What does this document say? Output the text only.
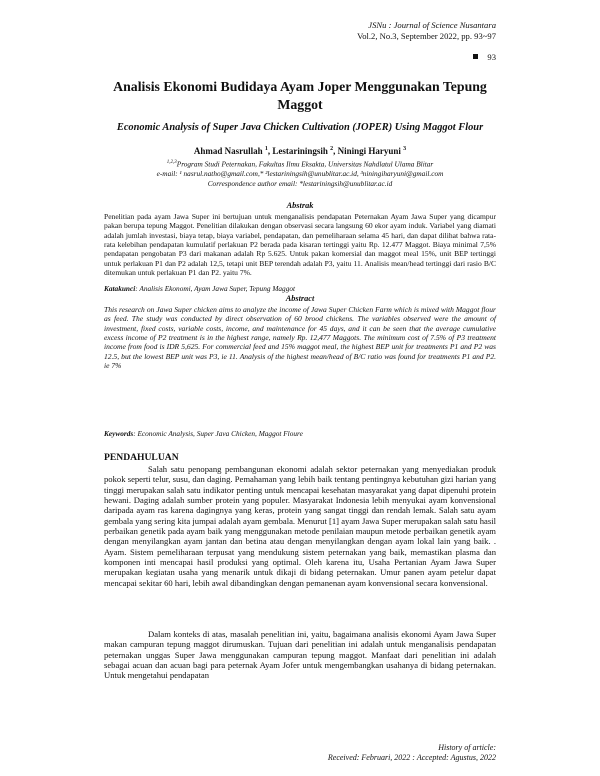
JSNu : Journal of Science Nusantara
Vol.2, No.3, September 2022, pp. 93~97
93
Analisis Ekonomi Budidaya Ayam Joper Menggunakan Tepung Maggot
Economic Analysis of Super Java Chicken Cultivation (JOPER) Using Maggot Flour
Ahmad Nasrullah $^1$, Lestariningsih $^2$, Niningi Haryuni $^3$
$^{1,2,3}$Program Studi Peternakan, Fakultas Ilmu Eksakta, Universitas Nahdlatul Ulama Blitar
e-mail: ¹ nasrul.natho@gmail.com,* ²lestariningsih@unublitar.ac.id, ³niningiharyuni@gmail.com
Correspondence author email: *lestariningsih@unublitar.ac.id
Abstrak
Penelitian pada ayam Jawa Super ini bertujuan untuk menganalisis pendapatan Peternakan Ayam Jawa Super yang dicampur pakan berupa tepung Maggot. Penelitian dilakukan dengan observasi secara langsung 60 ekor ayam induk. Variabel yang diamati adalah jumlah investasi, biaya tetap, biaya variabel, pendapatan, dan pemeliharaan selama 45 hari, dan dapat dilihat bahwa rata-rata kelebihan pendapatan kumulatif perlakuan P2 berada pada kisaran tertinggi yaitu Rp. 12.477 Maggot. Biaya minimal 7,5% pendapatan pengobatan P3 dari makanan adalah Rp 5.625. Untuk pakan komersial dan maggot meal 15%, unit BEP tertinggi untuk perlakuan P1 dan P2 adalah 12,5, tetapi unit BEP terendah adalah P3, yaitu 11. Analisis mean/head tertinggi dari rasio B/C ditemukan untuk perlakuan P1 dan P2. yaitu 7%.
Katakunci: Analisis Ekonomi, Ayam Jawa Super, Tepung Maggot
Abstract
This research on Jawa Super chicken aims to analyze the income of Jawa Super Chicken Farm which is mixed with Maggot flour as feed. The study was conducted by direct observation of 60 brood chickens. The variables observed were the amount of investment, fixed costs, variable costs, income, and maintenance for 45 days, and it can be seen that the average cumulative excess income of P2 treatment is in the highest range, namely Rp. 12,477 Maggots. The minimum cost of 7.5% of P3 treatment income from food is IDR 5,625. For commercial feed and 15% maggot meal, the highest BEP unit for treatments P1 and P2 was 12.5, but the lowest BEP unit was P3, ie 11. Analysis of the highest mean/head of B/C ratio was found for treatments P1 and P2. ie 7%
Keywords: Economic Analysis, Super Java Chicken, Maggot Floure
PENDAHULUAN
Salah satu penopang pembangunan ekonomi adalah sektor peternakan yang menyediakan produk pokok seperti telur, susu, dan daging. Pemahaman yang lebih baik tentang pentingnya kebutuhan gizi harian yang tinggi merupakan salah satu indikator penting untuk mencapai kesehatan masyarakat yang dapat dipenuhi protein hewani. Daging adalah sumber protein yang populer. Masyarakat Indonesia lebih menyukai ayam konvensional daripada ayam ras karena dagingnya yang keras, protein yang sangat tinggi dan rendah lemak. Salah satu ayam gembala yang sering kita jumpai adalah ayam gembala. Menurut [1] ayam Jawa Super merupakan salah satu hasil perbaikan genetik pada ayam baik yang menggunakan metode penilaian maupun metode perbaikan genetik ayam dengan menyilangkan ayam jantan dan betina atau dengan menyilangkan dengan ayam lokal lain yang baik. . Ayam. Sistem pemeliharaan terpusat yang mendukung sistem peternakan yang baik, memastikan plasma dan komponen inti mencapai hasil produksi yang optimal. Oleh karena itu, Usaha Pertanian Ayam Jawa Super merupakan kegiatan usaha yang menarik untuk dikaji di bidang peternakan. Umur panen ayam petelur dapat mencapai sekitar 60 hari, lebih awal dibandingkan dengan pemanenan ayam konvensional secara konvensional.
Dalam konteks di atas, masalah penelitian ini, yaitu, bagaimana analisis ekonomi Ayam Jawa Super makan campuran tepung maggot dirumuskan. Tujuan dari penelitian ini adalah untuk menganalisis pendapatan peternakan unggas Super Jawa menggunakan campuran tepung maggot. Manfaat dari penelitian ini adalah sebagai acuan dan acuan bagi para peternak Ayam Jofer untuk mengembangkan usahanya di bidang peternakan. Untuk mengetahui pendapatan
History of article:
Received: Februari, 2022 : Accepted: Agustus, 2022
